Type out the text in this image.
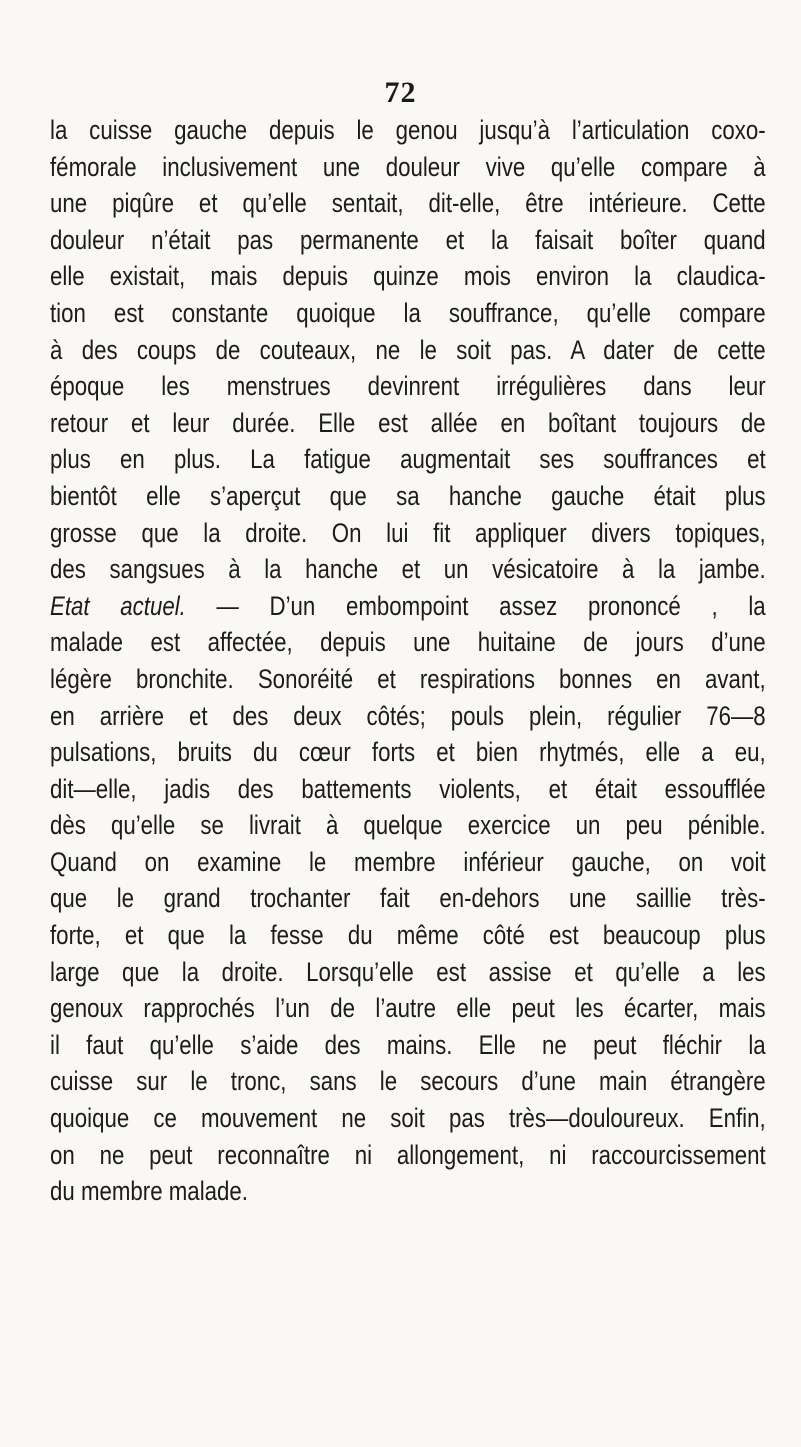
72
la cuisse gauche depuis le genou jusqu’à l’articulation coxo-
fémorale inclusivement une douleur vive qu’elle compare à
une piqûre et qu’elle sentait, dit-elle, être intérieure. Cette
douleur n’était pas permanente et la faisait boîter quand
elle existait, mais depuis quinze mois environ la claudica-
tion est constante quoique la souffrance, qu’elle compare
à des coups de couteaux, ne le soit pas. A dater de cette
époque les menstrues devinrent irrégulières dans leur
retour et leur durée. Elle est allée en boîtant toujours de
plus en plus. La fatigue augmentait ses souffrances et
bientôt elle s’aperçut que sa hanche gauche était plus
grosse que la droite. On lui fit appliquer divers topiques,
des sangsues à la hanche et un vésicatoire à la jambe.
Etat actuel. — D’un embompoint assez prononcé , la
malade est affectée, depuis une huitaine de jours d’une
légère bronchite. Sonoréité et respirations bonnes en avant,
en arrière et des deux côtés; pouls plein, régulier 76—8
pulsations, bruits du cœur forts et bien rhytmés, elle a eu,
dit—elle, jadis des battements violents, et était essoufflée
dès qu’elle se livrait à quelque exercice un peu pénible.
Quand on examine le membre inférieur gauche, on voit
que le grand trochanter fait en-dehors une saillie très-
forte, et que la fesse du même côté est beaucoup plus
large que la droite. Lorsqu’elle est assise et qu’elle a les
genoux rapprochés l’un de l’autre elle peut les écarter, mais
il faut qu’elle s’aide des mains. Elle ne peut fléchir la
cuisse sur le tronc, sans le secours d’une main étrangère
quoique ce mouvement ne soit pas très—douloureux. Enfin,
on ne peut reconnaître ni allongement, ni raccourcissement
du membre malade.
